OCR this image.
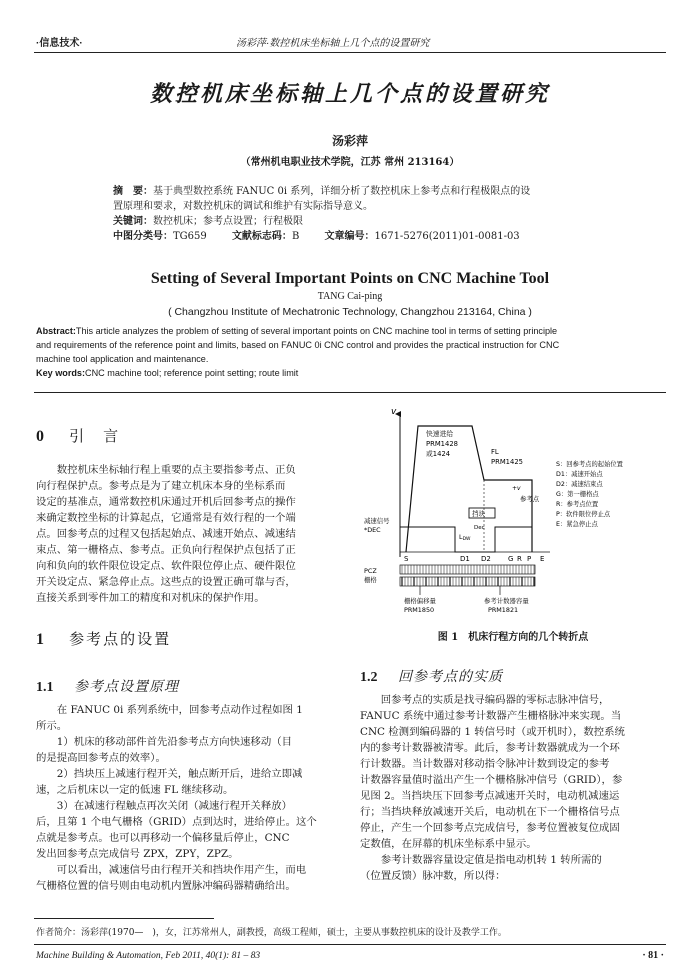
·信息技术·	汤彩萍·数控机床坐标轴上几个点的设置研究
数控机床坐标轴上几个点的设置研究
汤彩萍
（常州机电职业技术学院，江苏 常州 213164）
摘　要：基于典型数控系统 FANUC 0i 系列，详细分析了数控机床上参考点和行程极限点的设
置原理和要求，对数控机床的调试和维护有实际指导意义。
关键词：数控机床；参考点设置；行程极限
中图分类号：TG659	文献标志码：B	文章编号：1671-5276(2011)01-0081-03
Setting of Several Important Points on CNC Machine Tool
TANG Cai-ping
( Changzhou Institute of Mechatronic Technology, Changzhou 213164, China )
Abstract:This article analyzes the problem of setting of several important points on CNC machine tool in terms of setting principle
and requirements of the reference point and limits, based on FANUC 0i CNC control and provides the practical instruction for CNC
machine tool application and maintenance.
Key words:CNC machine tool; reference point setting; route limit
0 引　言

数控机床坐标轴行程上重要的点主要指参考点、正负

向行程保护点。参考点是为了建立机床本身的坐标系而

设定的基准点，通常数控机床通过开机后回参考点的操作

来确定数控坐标的计算起点，它通常是有效行程的一个端

点。回参考点的过程又包括起始点、减速开始点、减速结

束点、第一栅格点、参考点。正负向行程保护点包括了正

向和负向的软件限位设定点、软件限位停止点、硬件限位

开关设定点、紧急停止点。这些点的设置正确可靠与否，

直接关系到零件加工的精度和对机床的保护作用。

1 参考点的设置
1.1 参考点设置原理

在 FANUC 0i 系列系统中，回参考点动作过程如图 1

所示。

1）机床的移动部件首先沿参考点方向快速移动（目

的是提高回参考点的效率）。

2）挡块压上减速行程开关，触点断开后，进给立即减

速，之后机床以一定的低速 FL 继续移动。

3）在减速行程触点再次关闭（减速行程开关释放）

后，且第 1 个电气栅格（GRID）点到达时，进给停止。这个

点就是参考点。也可以再移动一个偏移量后停止，CNC

发出回参考点完成信号 ZPX，ZPY，ZPZ。

可以看出，减速信号由行程开关和挡块作用产生，而电

气栅格位置的信号则由电动机内置脉冲编码器精确给出。

v
快速进给
PRM1428
或1424	FL
PRM1425
+v
参考点
挡块
减速信号
*DEC
LDW
Dec
S	D1 D2 G R P E
PCZ
栅格
栅格偏移量
PRM1850
参考计数器容量
PRM1821
S：回参考点的起始位置
D1：减速开始点
D2：减速结束点
G：第一栅格点
R：参考点位置
P：软件限位停止点
E：紧急停止点
图 1　机床行程方向的几个转折点
1.2 回参考点的实质

回参考点的实质是找寻编码器的零标志脉冲信号，

FANUC 系统中通过参考计数器产生栅格脉冲来实现。当

CNC 检测到编码器的 1 转信号时（或开机时），数控系统

内的参考计数器被清零。此后，参考计数器就成为一个环

行计数器。当计数器对移动指令脉冲计数到设定的参考

计数器容量值时溢出产生一个栅格脉冲信号（GRID），参

见图 2。当挡块压下回参考点减速开关时，电动机减速运

行；当挡块释放减速开关后，电动机在下一个栅格信号点

停止，产生一个回参考点完成信号，参考位置被复位成固

定数值，在屏幕的机床坐标系中显示。

参考计数器容量设定值是指电动机转 1 转所需的

（位置反馈）脉冲数，所以得：

作者简介：汤彩萍(1970—　)，女，江苏常州人，副教授，高级工程师，硕士，主要从事数控机床的设计及教学工作。
Machine Building & Automation, Feb 2011, 40(1): 81 – 83	· 81 ·
